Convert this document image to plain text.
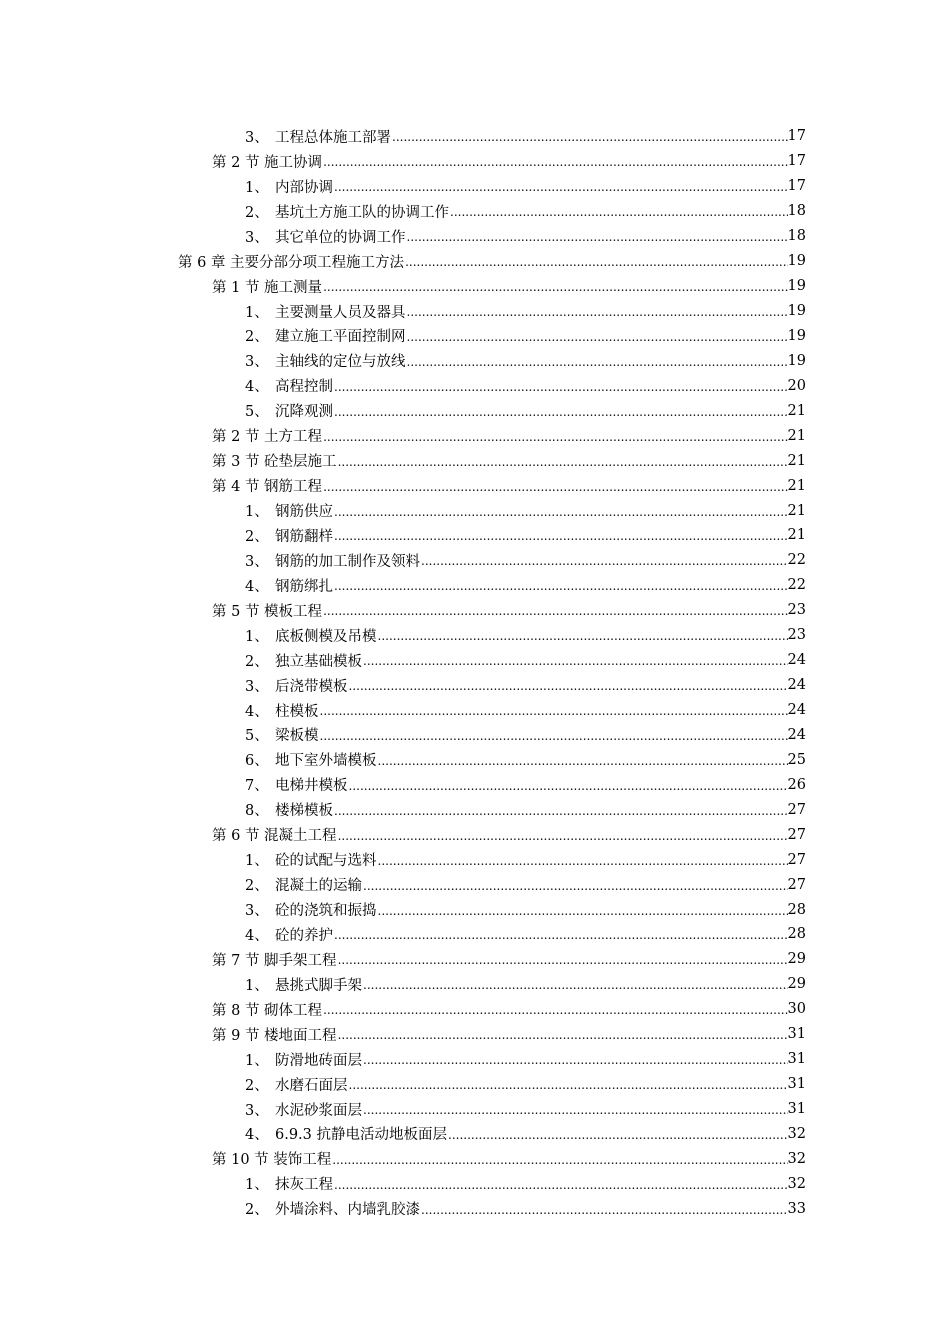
3、 工程总体施工部署 .....	17
第 2 节 施工协调 .....	17
1、 内部协调 .....	17
2、 基坑土方施工队的协调工作 .....	18
3、 其它单位的协调工作 .....	18
第 6 章 主要分部分项工程施工方法 .....	19
第 1 节 施工测量 .....	19
1、 主要测量人员及器具 .....	19
2、 建立施工平面控制网 .....	19
3、 主轴线的定位与放线 .....	19
4、 高程控制 .....	20
5、 沉降观测 .....	21
第 2 节 土方工程 .....	21
第 3 节 砼垫层施工 .....	21
第 4 节 钢筋工程 .....	21
1、 钢筋供应 .....	21
2、 钢筋翻样 .....	21
3、 钢筋的加工制作及领料 .....	22
4、 钢筋绑扎 .....	22
第 5 节 模板工程 .....	23
1、 底板侧模及吊模 .....	23
2、 独立基础模板 .....	24
3、 后浇带模板 .....	24
4、 柱模板 .....	24
5、 梁板模 .....	24
6、 地下室外墙模板 .....	25
7、 电梯井模板 .....	26
8、 楼梯模板 .....	27
第 6 节 混凝土工程 .....	27
1、 砼的试配与选料 .....	27
2、 混凝土的运输 .....	27
3、 砼的浇筑和振捣 .....	28
4、 砼的养护 .....	28
第 7 节 脚手架工程 .....	29
1、 悬挑式脚手架 .....	29
第 8 节 砌体工程 .....	30
第 9 节 楼地面工程 .....	31
1、 防滑地砖面层 .....	31
2、 水磨石面层 .....	31
3、 水泥砂浆面层 .....	31
4、 6.9.3 抗静电活动地板面层 .....	32
第 10 节 装饰工程 .....	32
1、 抹灰工程 .....	32
2、 外墙涂料、内墙乳胶漆 .....	33
